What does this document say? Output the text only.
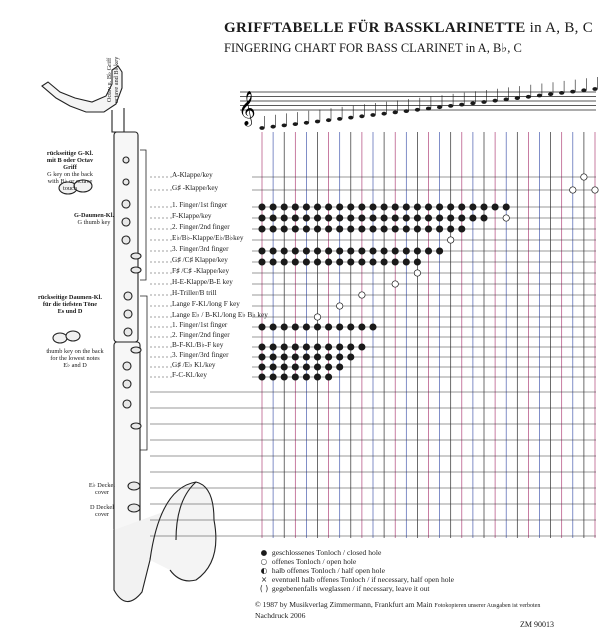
GRIFFTABELLE FÜR BASSKLARINETTE in A, B, C
FINGERING CHART FOR BASS CLARINET in A, B♭, C
𝄞
Octav u. B♭ Griff octave and B♭ key
rückseitige G-Kl.
mit B oder Octav
Griff
G key on the back
with B♭ or octave
touch
G-Daumen-Kl.
G thumb key
rückseitige Daumen-Kl.
für die tiefsten Töne
Es und D
thumb key on the back
for the lowest notes
E♭ and D
E♭ Deckel
cover
D Deckel
cover
A-Klappe/key
G♯ -Klappe/key
1. Finger/1st finger
F-Klappe/key
2. Finger/2nd finger
E♭/B♭-Klappe/E♭/B♭key
3. Finger/3rd finger
G♯ /C♯ Klappe/key
F♯ /C♯ -Klappe/key
H-E-Klappe/B-E key
H-Triller/B trill
Lange F-Kl./long F key
Lange E♭ / B-Kl./long E♭ B♭ key
1. Finger/1st finger
2. Finger/2nd finger
B-F-Kl./B♭-F key
3. Finger/3rd finger
G♯ /E♭ Kl./key
F-C-Kl./key
● geschlossenes Tonloch / closed hole
○ offenes Tonloch / open hole
◐ halb offenes Tonloch / half open hole
× eventuell halb offenes Tonloch / if necessary, half open hole
( ) gegebenenfalls weglassen / if necessary, leave it out
© 1987 by Musikverlag Zimmermann, Frankfurt am Main Fotokopieren unserer Ausgaben ist verboten
Nachdruck 2006
ZM 90013
